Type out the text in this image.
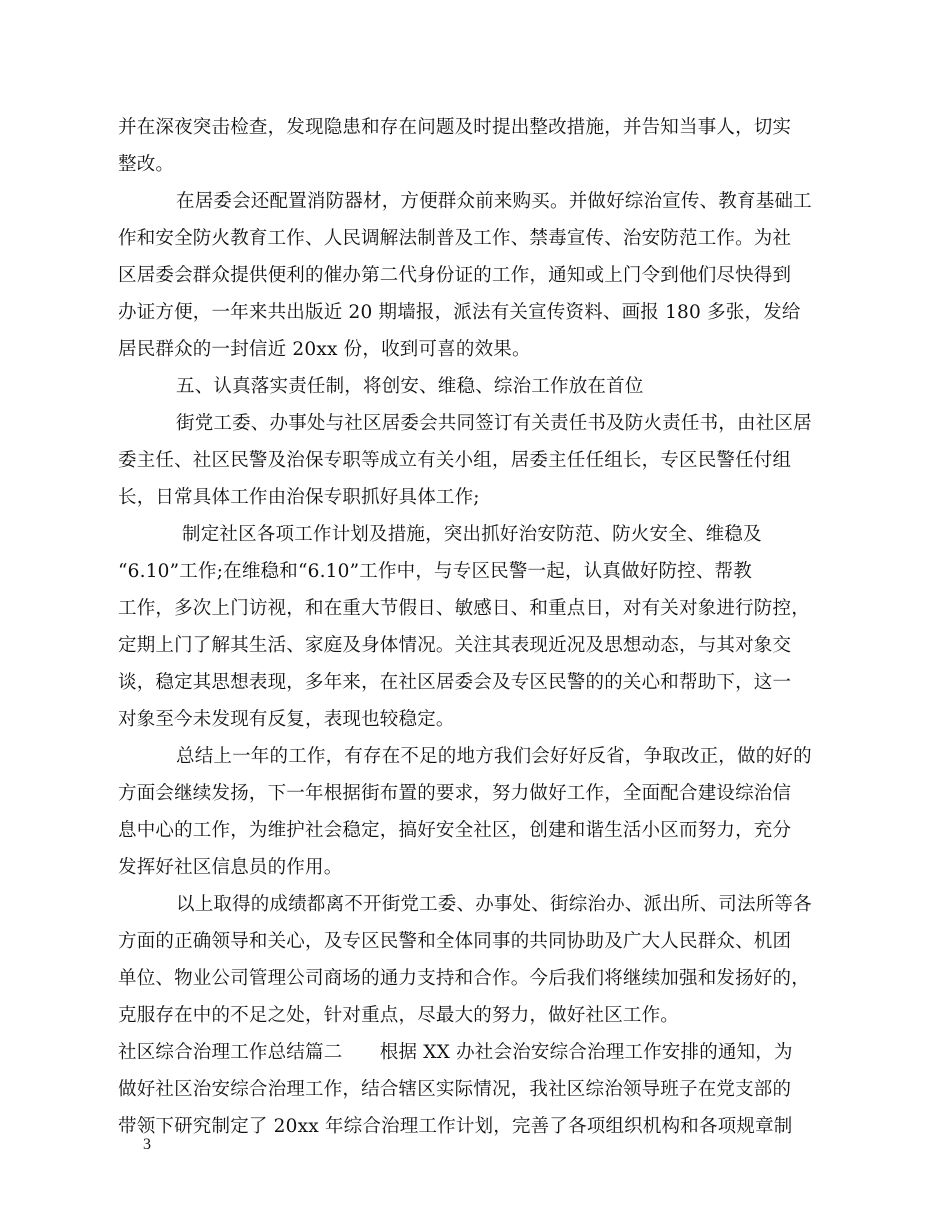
并在深夜突击检查，发现隐患和存在问题及时提出整改措施，并告知当事人，切实
整改。
在居委会还配置消防器材，方便群众前来购买。并做好综治宣传、教育基础工
作和安全防火教育工作、人民调解法制普及工作、禁毒宣传、治安防范工作。为社
区居委会群众提供便利的催办第二代身份证的工作，通知或上门令到他们尽快得到
办证方便，一年来共出版近 20 期墙报，派法有关宣传资料、画报 180 多张，发给
居民群众的一封信近 20xx 份，收到可喜的效果。
五、认真落实责任制，将创安、维稳、综治工作放在首位
街党工委、办事处与社区居委会共同签订有关责任书及防火责任书，由社区居
委主任、社区民警及治保专职等成立有关小组，居委主任任组长，专区民警任付组
长，日常具体工作由治保专职抓好具体工作;
制定社区各项工作计划及措施，突出抓好治安防范、防火安全、维稳及
“6.10”工作;在维稳和“6.10”工作中，与专区民警一起，认真做好防控、帮教
工作，多次上门访视，和在重大节假日、敏感日、和重点日，对有关对象进行防控，
定期上门了解其生活、家庭及身体情况。关注其表现近况及思想动态，与其对象交
谈，稳定其思想表现，多年来，在社区居委会及专区民警的的关心和帮助下，这一
对象至今未发现有反复，表现也较稳定。
总结上一年的工作，有存在不足的地方我们会好好反省，争取改正，做的好的
方面会继续发扬，下一年根据街布置的要求，努力做好工作，全面配合建设综治信
息中心的工作，为维护社会稳定，搞好安全社区，创建和谐生活小区而努力，充分
发挥好社区信息员的作用。
以上取得的成绩都离不开街党工委、办事处、街综治办、派出所、司法所等各
方面的正确领导和关心，及专区民警和全体同事的共同协助及广大人民群众、机团
单位、物业公司管理公司商场的通力支持和合作。今后我们将继续加强和发扬好的，
克服存在中的不足之处，针对重点，尽最大的努力，做好社区工作。
社区综合治理工作总结篇二　　根据 XX 办社会治安综合治理工作安排的通知，为
做好社区治安综合治理工作，结合辖区实际情况，我社区综治领导班子在党支部的
带领下研究制定了 20xx 年综合治理工作计划，完善了各项组织机构和各项规章制
3
